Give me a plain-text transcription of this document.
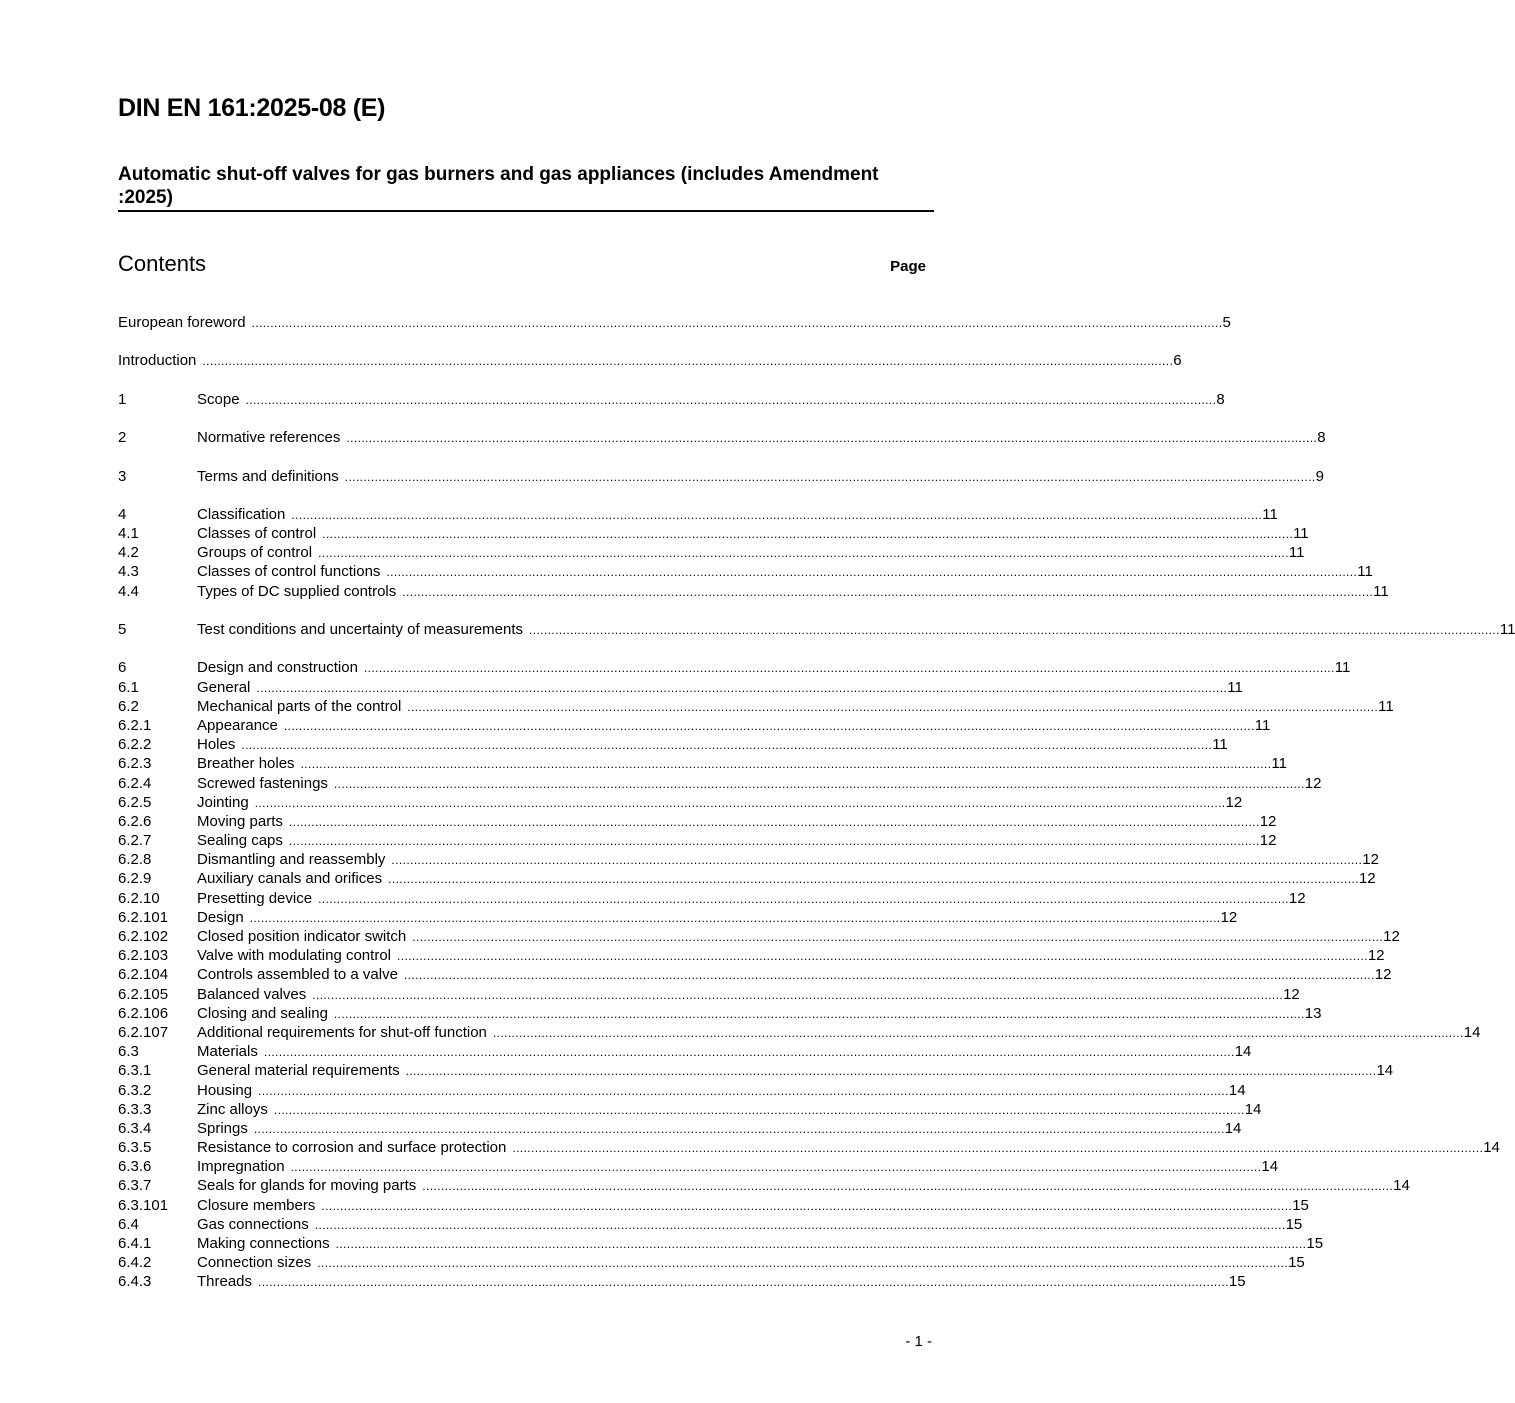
DIN EN 161:2025-08 (E)
Automatic shut-off valves for gas burners and gas appliances (includes Amendment :2025)
Contents	Page
European foreword .................................................................................................................................................................................................................................................................... 5
Introduction .................................................................................................................................................................................................................................................................... 6
1	Scope .................................................................................................................................................................................................................................................................... 8
2	Normative references .................................................................................................................................................................................................................................................................... 8
3	Terms and definitions .................................................................................................................................................................................................................................................................... 9
4	Classification .................................................................................................................................................................................................................................................................... 11
4.1	Classes of control .................................................................................................................................................................................................................................................................... 11
4.2	Groups of control .................................................................................................................................................................................................................................................................... 11
4.3	Classes of control functions .................................................................................................................................................................................................................................................................... 11
4.4	Types of DC supplied controls .................................................................................................................................................................................................................................................................... 11
5	Test conditions and uncertainty of measurements .................................................................................................................................................................................................................................................................... 11
6	Design and construction .................................................................................................................................................................................................................................................................... 11
6.1	General .................................................................................................................................................................................................................................................................... 11
6.2	Mechanical parts of the control .................................................................................................................................................................................................................................................................... 11
6.2.1	Appearance .................................................................................................................................................................................................................................................................... 11
6.2.2	Holes .................................................................................................................................................................................................................................................................... 11
6.2.3	Breather holes .................................................................................................................................................................................................................................................................... 11
6.2.4	Screwed fastenings .................................................................................................................................................................................................................................................................... 12
6.2.5	Jointing .................................................................................................................................................................................................................................................................... 12
6.2.6	Moving parts .................................................................................................................................................................................................................................................................... 12
6.2.7	Sealing caps .................................................................................................................................................................................................................................................................... 12
6.2.8	Dismantling and reassembly .................................................................................................................................................................................................................................................................... 12
6.2.9	Auxiliary canals and orifices .................................................................................................................................................................................................................................................................... 12
6.2.10 Presetting device .................................................................................................................................................................................................................................................................... 12
6.2.101 Design .................................................................................................................................................................................................................................................................... 12
6.2.102 Closed position indicator switch .................................................................................................................................................................................................................................................................... 12
6.2.103 Valve with modulating control .................................................................................................................................................................................................................................................................... 12
6.2.104 Controls assembled to a valve .................................................................................................................................................................................................................................................................... 12
6.2.105 Balanced valves .................................................................................................................................................................................................................................................................... 12
6.2.106 Closing and sealing .................................................................................................................................................................................................................................................................... 13
6.2.107 Additional requirements for shut-off function .................................................................................................................................................................................................................................................................... 14
6.3	Materials .................................................................................................................................................................................................................................................................... 14
6.3.1	General material requirements .................................................................................................................................................................................................................................................................... 14
6.3.2	Housing .................................................................................................................................................................................................................................................................... 14
6.3.3	Zinc alloys .................................................................................................................................................................................................................................................................... 14
6.3.4	Springs .................................................................................................................................................................................................................................................................... 14
6.3.5	Resistance to corrosion and surface protection .................................................................................................................................................................................................................................................................... 14
6.3.6	Impregnation .................................................................................................................................................................................................................................................................... 14
6.3.7	Seals for glands for moving parts .................................................................................................................................................................................................................................................................... 14
6.3.101 Closure members .................................................................................................................................................................................................................................................................... 15
6.4	Gas connections .................................................................................................................................................................................................................................................................... 15
6.4.1	Making connections .................................................................................................................................................................................................................................................................... 15
6.4.2	Connection sizes .................................................................................................................................................................................................................................................................... 15
6.4.3	Threads .................................................................................................................................................................................................................................................................... 15
- 1 -
